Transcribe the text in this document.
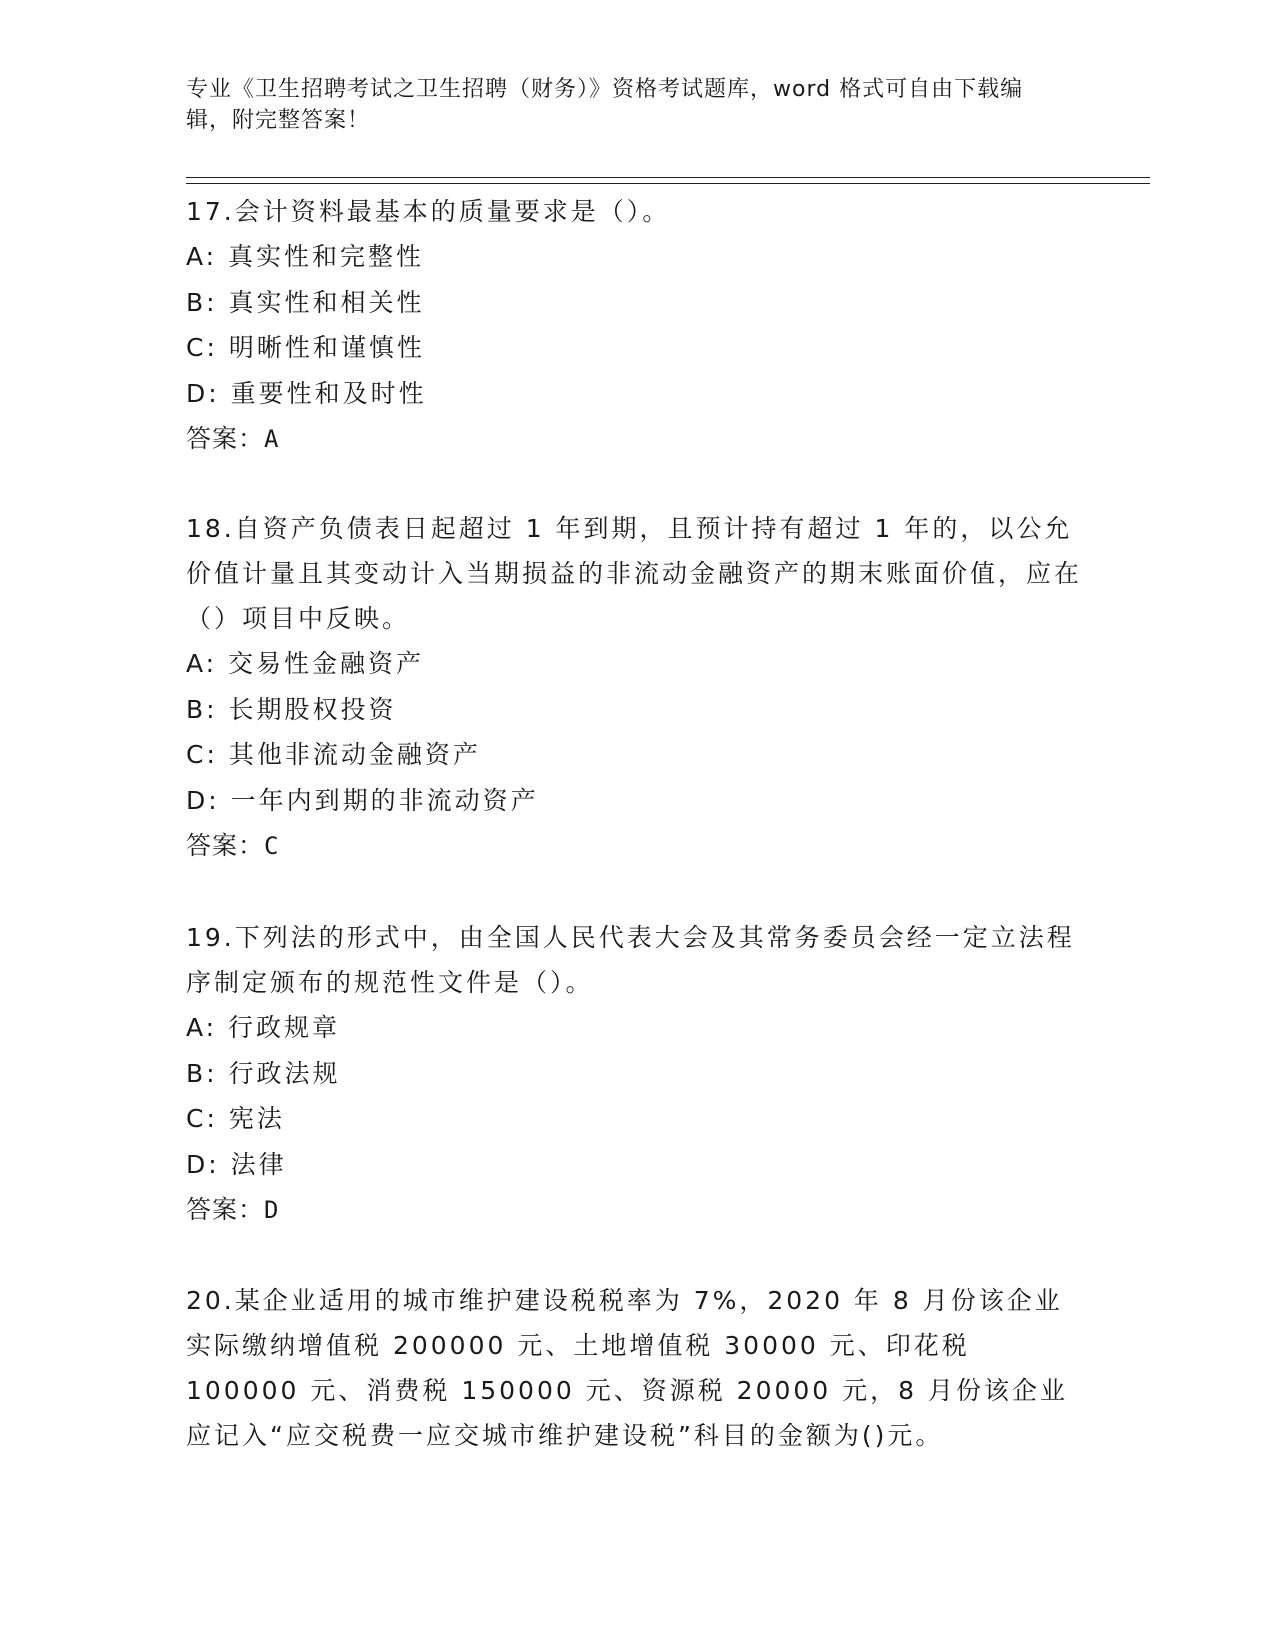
专业《卫生招聘考试之卫生招聘（财务）》资格考试题库，word 格式可自由下载编辑，附完整答案！
17.会计资料最基本的质量要求是（）。
A: 真实性和完整性
B: 真实性和相关性
C: 明晰性和谨慎性
D: 重要性和及时性
答案：A
18.自资产负债表日起超过 1 年到期，且预计持有超过 1 年的，以公允价值计量且其变动计入当期损益的非流动金融资产的期末账面价值，应在（）项目中反映。
A: 交易性金融资产
B: 长期股权投资
C: 其他非流动金融资产
D: 一年内到期的非流动资产
答案：C
19.下列法的形式中，由全国人民代表大会及其常务委员会经一定立法程序制定颁布的规范性文件是（）。
A: 行政规章
B: 行政法规
C: 宪法
D: 法律
答案：D
20.某企业适用的城市维护建设税税率为 7%，2020 年 8 月份该企业实际缴纳增值税 200000 元、土地增值税 30000 元、印花税 100000 元、消费税 150000 元、资源税 20000 元，8 月份该企业应记入“应交税费一应交城市维护建设税”科目的金额为()元。
